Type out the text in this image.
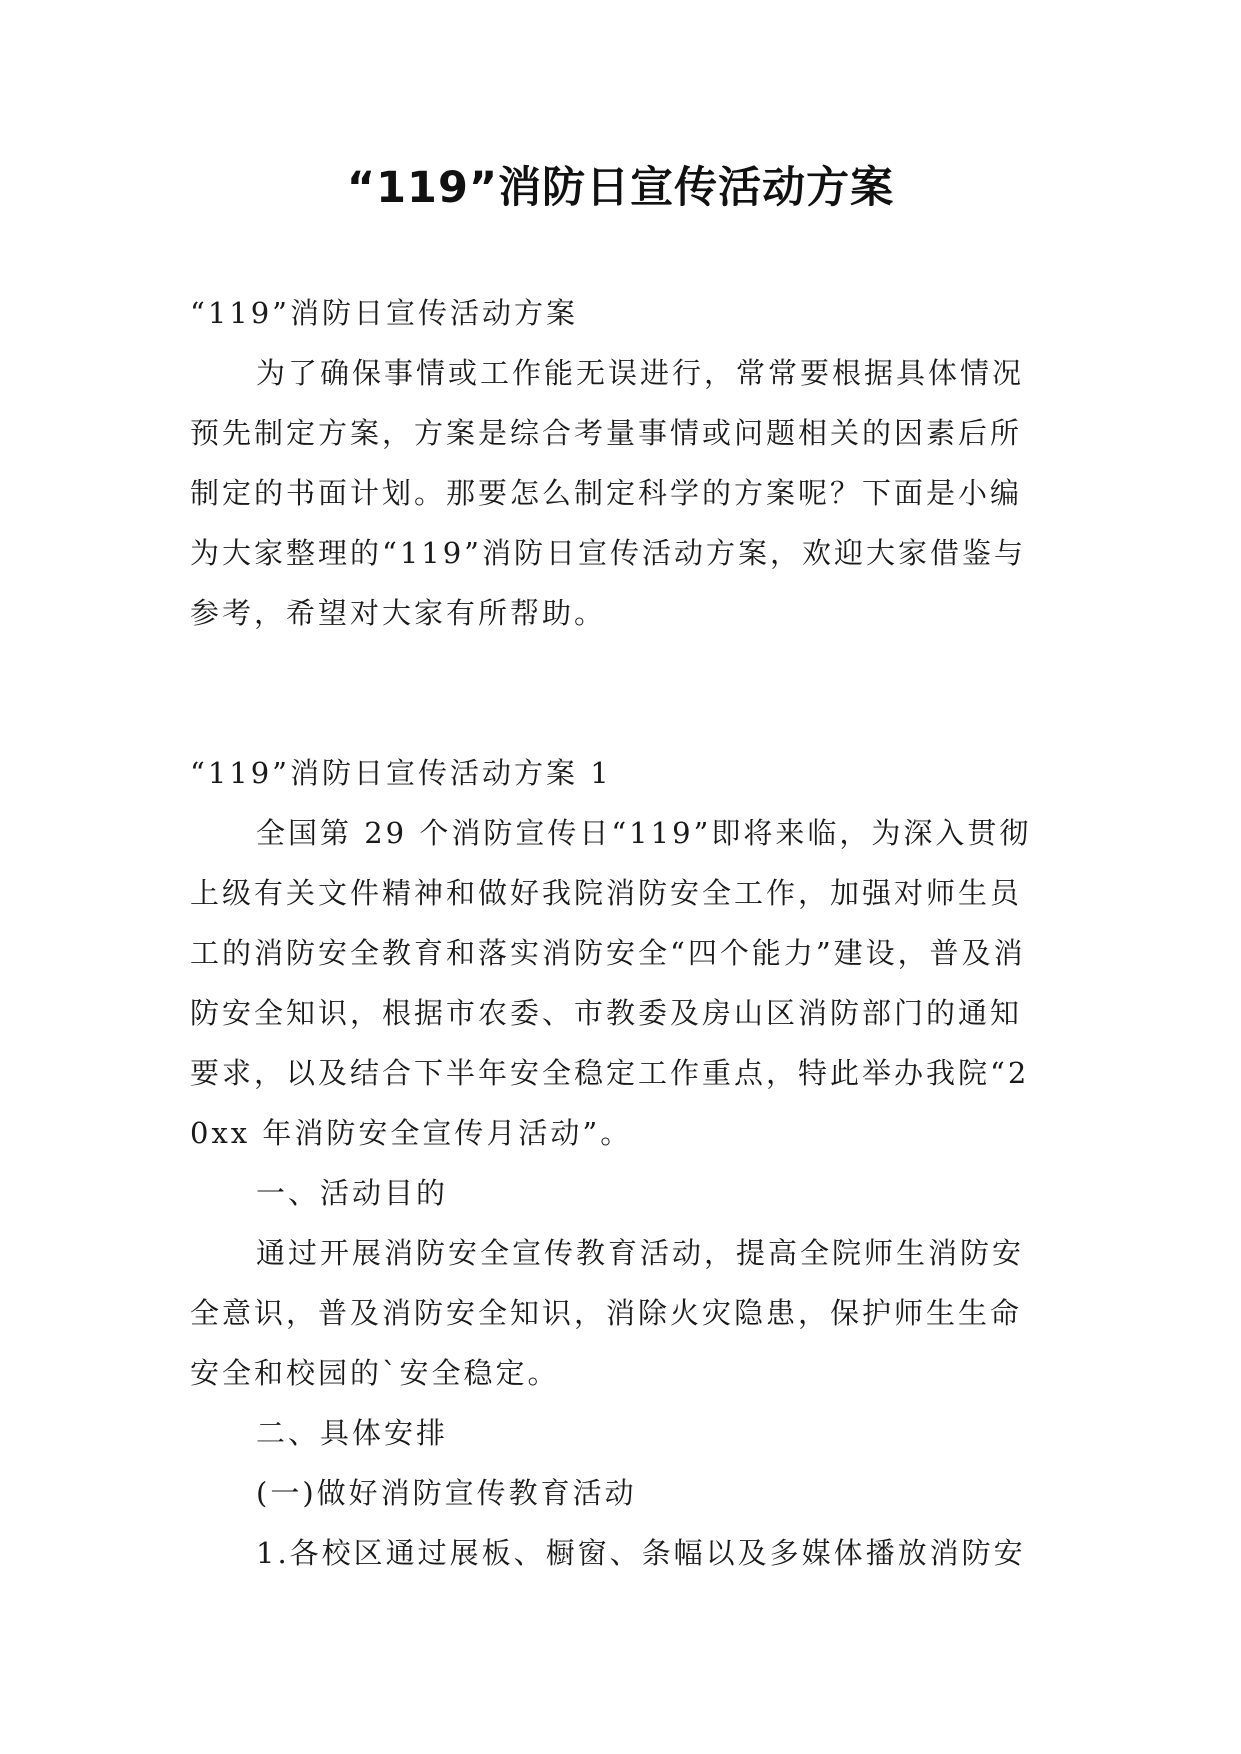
“119”消防日宣传活动方案

“119”消防日宣传活动方案

为了确保事情或工作能无误进行，常常要根据具体情况预先制定方案，方案是综合考量事情或问题相关的因素后所制定的书面计划。那要怎么制定科学的方案呢？下面是小编为大家整理的“119”消防日宣传活动方案，欢迎大家借鉴与参考，希望对大家有所帮助。

“119”消防日宣传活动方案 1

全国第 29 个消防宣传日“119”即将来临，为深入贯彻上级有关文件精神和做好我院消防安全工作，加强对师生员工的消防安全教育和落实消防安全“四个能力”建设，普及消防安全知识，根据市农委、市教委及房山区消防部门的通知要求，以及结合下半年安全稳定工作重点，特此举办我院“20xx 年消防安全宣传月活动”。

一、活动目的

通过开展消防安全宣传教育活动，提高全院师生消防安全意识，普及消防安全知识，消除火灾隐患，保护师生生命安全和校园的`安全稳定。

二、具体安排

(一)做好消防宣传教育活动

1.各校区通过展板、橱窗、条幅以及多媒体播放消防安
